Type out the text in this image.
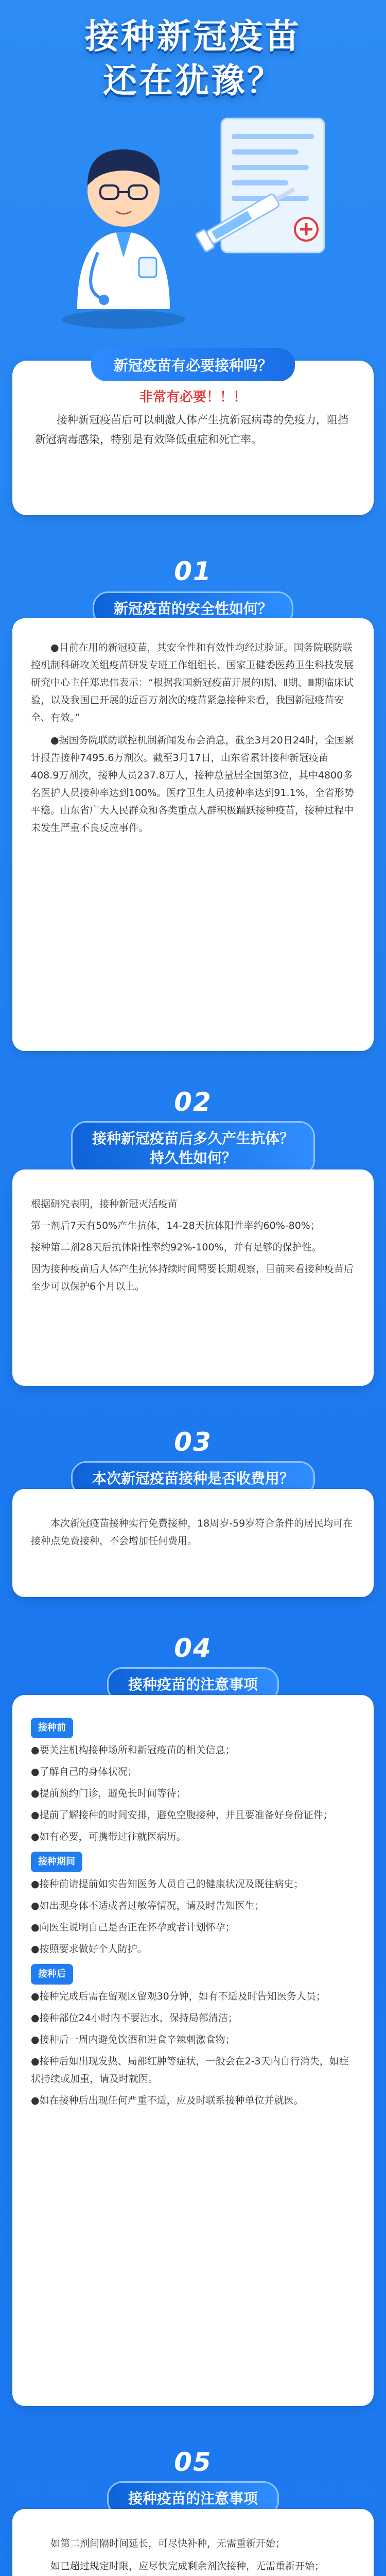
接种新冠疫苗
还在犹豫？
新冠疫苗有必要接种吗？
非常有必要！！！
接种新冠疫苗后可以刺激人体产生抗新冠病毒的免疫力，阻挡新冠病毒感染，特别是有效降低重症和死亡率。
01
新冠疫苗的安全性如何？

●目前在用的新冠疫苗，其安全性和有效性均经过验证。国务院联防联控机制科研攻关组疫苗研发专班工作组组长、国家卫健委医药卫生科技发展研究中心主任郑忠伟表示：“根据我国新冠疫苗开展的Ⅰ期、Ⅱ期、Ⅲ期临床试验，以及我国已开展的近百万剂次的疫苗紧急接种来看，我国新冠疫苗安全、有效。”

●据国务院联防联控机制新闻发布会消息，截至3月20日24时，全国累计报告接种7495.6万剂次。截至3月17日，山东省累计接种新冠疫苗408.9万剂次，接种人员237.8万人，接种总量居全国第3位，其中4800多名医护人员接种率达到100%。医疗卫生人员接种率达到91.1%，全省形势平稳。山东省广大人民群众和各类重点人群积极踊跃接种疫苗，接种过程中未发生严重不良反应事件。

02
接种新冠疫苗后多久产生抗体？
持久性如何？

根据研究表明，接种新冠灭活疫苗

第一剂后7天有50%产生抗体，14-28天抗体阳性率约60%-80%；

接种第二剂28天后抗体阳性率约92%-100%，并有足够的保护性。

因为接种疫苗后人体产生抗体持续时间需要长期观察，目前来看接种疫苗后至少可以保护6个月以上。

03
本次新冠疫苗接种是否收费用？

本次新冠疫苗接种实行免费接种，18周岁-59岁符合条件的居民均可在接种点免费接种，不会增加任何费用。

04
接种疫苗的注意事项
接种前

●要关注机构接种场所和新冠疫苗的相关信息；

●了解自己的身体状况；

●提前预约门诊，避免长时间等待；

●提前了解接种的时间安排，避免空腹接种，并且要准备好身份证件；

●如有必要，可携带过往就医病历。

接种期间

●接种前请提前如实告知医务人员自己的健康状况及既往病史；

●如出现身体不适或者过敏等情况，请及时告知医生；

●向医生说明自己是否正在怀孕或者计划怀孕；

●按照要求做好个人防护。

接种后

●接种完成后需在留观区留观30分钟，如有不适及时告知医务人员；

●接种部位24小时内不要沾水，保持局部清洁；

●接种后一周内避免饮酒和进食辛辣刺激食物；

●接种后如出现发热、局部红肿等症状，一般会在2-3天内自行消失，如症状持续或加重，请及时就医。

●如在接种后出现任何严重不适，应及时联系接种单位并就医。

05
接种疫苗的注意事项

如第二剂间隔时间延长，可尽快补种，无需重新开始；

如已超过规定时限，应尽快完成剩余剂次接种，无需重新开始；
